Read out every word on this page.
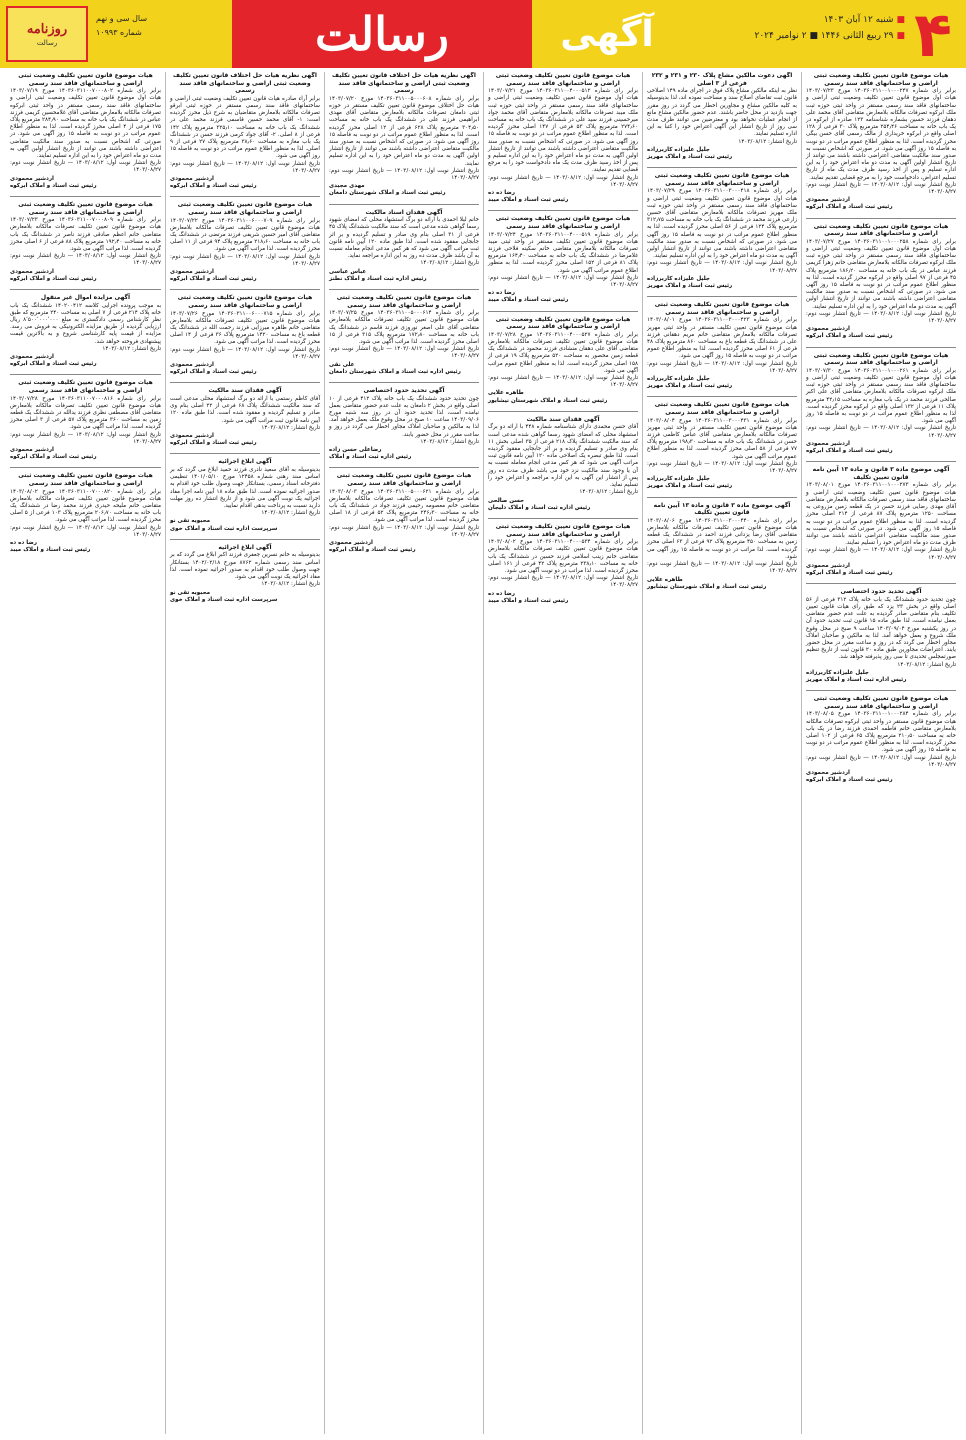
روزنامه
رسالت
سال سی و نهم
شماره ۱۰۹۹۳	رسالت	آگهی	■شنبه ۱۲ آبان ۱۴۰۳
■۲۹ ربیع الثانی ۱۴۴۶ ■ ۲ نوامبر ۲۰۲۴ ۴
هیات موضوع قانون تعیین تکلیف وضعیت ثبتی اراضی و ساختمانهای فاقد سند رسمی
برابر رای شماره ۱۴۰۳۶۰۳۱۱۰۰۱۰۰۰۲۴۷ مورخ ۱۴۰۳/۰۷/۲۳ هیات اول موضوع قانون تعیین تکلیف وضعیت ثبتی اراضی و ساختمانهای فاقد سند رسمی مستقر در واحد ثبتی حوزه ثبت ملک ابرکوه تصرفات مالکانه بلامعارض متقاضی آقای محمد علی دهقان فرزند حسین بشماره شناسنامه ۱۲۳ صادره از ابرکوه در یک باب خانه به مساحت ۲۵۴٫۴۶ مترمربع پلاک ۳۰ فرعی از ۱۲۸ اصلی واقع در ابرکوه خریداری از مالک رسمی آقای حسن بیگی محرز گردیده است. لذا به منظور اطلاع عموم مراتب در دو نوبت به فاصله ۱۵ روز آگهی می شود. در صورتی که اشخاص نسبت به صدور سند مالکیت متقاضی اعتراضی داشته باشند می توانند از تاریخ انتشار اولین آگهی به مدت دو ماه اعتراض خود را به این اداره تسلیم و پس از اخذ رسید ظرف مدت یک ماه از تاریخ تسلیم اعتراض، دادخواست خود را به مرجع قضایی تقدیم نمایند.
تاریخ انتشار نوبت اول: ۱۴۰۳/۰۸/۱۲ — تاریخ انتشار نوبت دوم: ۱۴۰۳/۰۸/۲۷
اردشیر محمودی
رئیس ثبت اسناد و املاک ابرکوه
هیات موضوع قانون تعیین تکلیف وضعیت ثبتی اراضی و ساختمانهای فاقد سند رسمی
برابر رای شماره ۱۴۰۳۶۰۳۱۱۰۰۱۰۰۰۲۵۸ مورخ ۱۴۰۳/۰۷/۲۷ هیات اول موضوع قانون تعیین تکلیف وضعیت ثبتی اراضی و ساختمانهای فاقد سند رسمی مستقر در واحد ثبتی حوزه ثبت ملک ابرکوه تصرفات مالکانه بلامعارض متقاضی خانم زهرا کریمی فرزند عباس در یک باب خانه به مساحت ۱۸۶٫۲۰ مترمربع پلاک ۴۵ فرعی از ۹۷ اصلی واقع در ابرکوه محرز گردیده است. لذا به منظور اطلاع عموم مراتب در دو نوبت به فاصله ۱۵ روز آگهی می شود. در صورتی که اشخاص نسبت به صدور سند مالکیت متقاضی اعتراضی داشته باشند می توانند از تاریخ انتشار اولین آگهی به مدت دو ماه اعتراض خود را به این اداره تسلیم نمایند.
تاریخ انتشار نوبت اول: ۱۴۰۳/۰۸/۱۲ — تاریخ انتشار نوبت دوم: ۱۴۰۳/۰۸/۲۷
اردشیر محمودی
رئیس ثبت اسناد و املاک ابرکوه
هیات موضوع قانون تعیین تکلیف وضعیت ثبتی اراضی و ساختمانهای فاقد سند رسمی
برابر رای شماره ۱۴۰۳۶۰۳۱۱۰۰۱۰۰۰۲۶۱ مورخ ۱۴۰۳/۰۷/۳۰ هیات اول موضوع قانون تعیین تکلیف وضعیت ثبتی اراضی و ساختمانهای فاقد سند رسمی مستقر در واحد ثبتی حوزه ثبت ملک ابرکوه تصرفات مالکانه بلامعارض متقاضی آقای علی اکبر صالحی فرزند محمد در یک باب مغازه به مساحت ۴۲٫۱۵ مترمربع پلاک ۱۱ فرعی از ۱۳۲ اصلی واقع در ابرکوه محرز گردیده است. لذا به منظور اطلاع عموم مراتب در دو نوبت به فاصله ۱۵ روز آگهی می شود.
تاریخ انتشار نوبت اول: ۱۴۰۳/۰۸/۱۲ — تاریخ انتشار نوبت دوم: ۱۴۰۳/۰۸/۲۷
اردشیر محمودی
رئیس ثبت اسناد و املاک ابرکوه
آگهی موضوع ماده ۳ قانون و ماده ۱۳ آیین نامه قانون تعیین تکلیف
برابر رای شماره ۱۴۰۳۶۰۳۱۱۰۰۱۰۰۰۲۷۳ مورخ ۱۴۰۳/۰۸/۰۱ هیات موضوع قانون تعیین تکلیف وضعیت ثبتی اراضی و ساختمانهای فاقد سند رسمی تصرفات مالکانه بلامعارض متقاضی آقای مهدی رضایی فرزند حسن در یک قطعه زمین مزروعی به مساحت ۱۲۵۰ مترمربع پلاک ۸۷ فرعی از ۲۱۴ اصلی محرز گردیده است. لذا به منظور اطلاع عموم مراتب در دو نوبت به فاصله ۱۵ روز آگهی می شود. در صورتی که اشخاص نسبت به صدور سند مالکیت متقاضی اعتراضی داشته باشند می توانند ظرف مدت دو ماه اعتراض خود را تسلیم نمایند.
تاریخ انتشار نوبت اول: ۱۴۰۳/۰۸/۱۲ — تاریخ انتشار نوبت دوم: ۱۴۰۳/۰۸/۲۷
اردشیر محمودی
رئیس ثبت اسناد و املاک ابرکوه
آگهی تحدید حدود اختصاصی
چون تحدید حدود ششدانگ یک باب خانه پلاک ۳۱۲ فرعی از ۵۶ اصلی واقع در بخش ۲۳ یزد که طبق رای هیات قانون تعیین تکلیف بنام متقاضی صادر گردیده به علت عدم حضور متقاضی بعمل نیامده است، لذا طبق ماده ۱۵ قانون ثبت تحدید حدود آن در روز یکشنبه مورخ ۱۴۰۳/۰۹/۰۴ ساعت ۹ صبح در محل وقوع ملک شروع و بعمل خواهد آمد. لذا به مالکین و صاحبان املاک مجاور اخطار می گردد که در روز و ساعت مقرر در محل حضور یابند. اعتراضات مجاورین طبق ماده ۲۰ قانون ثبت از تاریخ تنظیم صورتمجلس تحدیدی تا سی روز پذیرفته خواهد شد.
تاریخ انتشار: ۱۴۰۳/۰۸/۱۲
جلیل علیزاده کاربرزاده
رئیس اداره ثبت اسناد و املاک مهریز
هیات موضوع قانون تعیین تکلیف وضعیت ثبتی اراضی و ساختمانهای فاقد سند رسمی
برابر رای شماره ۱۴۰۳۶۰۳۱۱۰۰۱۰۰۰۲۸۴ مورخ ۱۴۰۳/۰۸/۰۵ هیات موضوع قانون مستقر در واحد ثبتی ابرکوه تصرفات مالکانه بلامعارض متقاضی خانم فاطمه احمدی فرزند رضا در یک باب خانه به مساحت ۲۱۰٫۵۰ مترمربع پلاک ۶۵ فرعی از ۱۰۲ اصلی محرز گردیده است. لذا به منظور اطلاع عموم مراتب در دو نوبت به فاصله ۱۵ روز آگهی می شود.
تاریخ انتشار نوبت اول: ۱۴۰۳/۰۸/۱۲ — تاریخ انتشار نوبت دوم: ۱۴۰۳/۰۸/۲۷
اردشیر محمودی
رئیس ثبت اسناد و املاک ابرکوه
آگهی دعوت مالکین مشاع پلاک ۲۳۰ و ۲۳۱ و ۲۳۲ فرعی از ۳ اصلی
نظر به اینکه مالکین مشاع پلاک فوق در اجرای ماده ۱۴۹ اصلاحی قانون ثبت تقاضای اصلاح سند و مساحت نموده اند، لذا بدینوسیله به کلیه مالکین مشاع و مجاورین اخطار می گردد در روز مقرر جهت بازدید در محل حاضر باشند. عدم حضور مالکین مشاع مانع از انجام عملیات نخواهد بود و معترضین می توانند ظرف مدت سی روز از تاریخ انتشار این آگهی اعتراض خود را کتبا به این اداره تسلیم نمایند.
تاریخ انتشار: ۱۴۰۳/۰۸/۱۲
جلیل علیزاده کاربرزاده
رئیس ثبت اسناد و املاک مهریز
هیات موضوع قانون تعیین تکلیف وضعیت ثبتی اراضی و ساختمانهای فاقد سند رسمی
برابر رای شماره ۱۴۰۳۶۰۳۱۱۰۰۳۰۰۰۴۱۸ مورخ ۱۴۰۳/۰۷/۲۹ هیات اول موضوع قانون تعیین تکلیف وضعیت ثبتی اراضی و ساختمانهای فاقد سند رسمی مستقر در واحد ثبتی حوزه ثبت ملک مهریز تصرفات مالکانه بلامعارض متقاضی آقای حسین زارعی فرزند محمد در ششدانگ یک باب خانه به مساحت ۳۱۲٫۷۵ مترمربع پلاک ۱۲۴ فرعی از ۵۶ اصلی محرز گردیده است. لذا به منظور اطلاع عموم مراتب در دو نوبت به فاصله ۱۵ روز آگهی می شود. در صورتی که اشخاص نسبت به صدور سند مالکیت متقاضی اعتراضی داشته باشند می توانند از تاریخ انتشار اولین آگهی به مدت دو ماه اعتراض خود را به این اداره تسلیم نمایند.
تاریخ انتشار نوبت اول: ۱۴۰۳/۰۸/۱۲ — تاریخ انتشار نوبت دوم: ۱۴۰۳/۰۸/۲۷
جلیل علیزاده کاربرزاده
رئیس ثبت اسناد و املاک مهریز
هیات موضوع قانون تعیین تکلیف وضعیت ثبتی اراضی و ساختمانهای فاقد سند رسمی
برابر رای شماره ۱۴۰۳۶۰۳۱۱۰۰۳۰۰۰۴۲۳ مورخ ۱۴۰۳/۰۸/۰۱ هیات موضوع قانون تعیین تکلیف مستقر در واحد ثبتی مهریز تصرفات مالکانه بلامعارض متقاضی خانم مریم دهقانی فرزند علی در ششدانگ یک قطعه باغ به مساحت ۸۶۰ مترمربع پلاک ۴۸ فرعی از ۶۱ اصلی محرز گردیده است. لذا به منظور اطلاع عموم مراتب در دو نوبت به فاصله ۱۵ روز آگهی می شود.
تاریخ انتشار نوبت اول: ۱۴۰۳/۰۸/۱۲ — تاریخ انتشار نوبت دوم: ۱۴۰۳/۰۸/۲۷
جلیل علیزاده کاربرزاده
رئیس ثبت اسناد و املاک مهریز
هیات موضوع قانون تعیین تکلیف وضعیت ثبتی اراضی و ساختمانهای فاقد سند رسمی
برابر رای شماره ۱۴۰۳۶۰۳۱۱۰۰۳۰۰۰۴۳۱ مورخ ۱۴۰۳/۰۸/۰۴ هیات موضوع قانون تعیین تکلیف مستقر در واحد ثبتی مهریز تصرفات مالکانه بلامعارض متقاضی آقای عباس کاظمی فرزند حسن در ششدانگ یک باب خانه به مساحت ۱۹۸٫۳۰ مترمربع پلاک ۷۷ فرعی از ۵۸ اصلی محرز گردیده است. لذا به منظور اطلاع عموم مراتب آگهی می شود.
تاریخ انتشار نوبت اول: ۱۴۰۳/۰۸/۱۲ — تاریخ انتشار نوبت دوم: ۱۴۰۳/۰۸/۲۷
جلیل علیزاده کاربرزاده
رئیس ثبت اسناد و املاک مهریز
آگهی موضوع ماده ۳ قانون و ماده ۱۳ آیین نامه قانون تعیین تکلیف
برابر رای شماره ۱۴۰۳۶۰۳۱۱۰۰۳۰۰۰۴۴۰ مورخ ۱۴۰۳/۰۸/۰۶ هیات موضوع قانون تعیین تکلیف تصرفات مالکانه بلامعارض متقاضی آقای رضا یزدانی فرزند احمد در ششدانگ یک قطعه زمین به مساحت ۴۵۰ مترمربع پلاک ۹۲ فرعی از ۶۳ اصلی محرز گردیده است. لذا مراتب در دو نوبت به فاصله ۱۵ روز آگهی می شود.
تاریخ انتشار نوبت اول: ۱۴۰۳/۰۸/۱۲ — تاریخ انتشار نوبت دوم: ۱۴۰۳/۰۸/۲۷
طاهره علایی
رئیس ثبت اسناد و املاک شهرستان نیشابور
هیات موضوع قانون تعیین تکلیف وضعیت ثبتی اراضی و ساختمانهای فاقد سند رسمی
برابر رای شماره ۱۴۰۳۶۰۳۱۱۰۰۴۰۰۰۵۱۲ مورخ ۱۴۰۳/۰۷/۲۱ هیات اول موضوع قانون تعیین تکلیف وضعیت ثبتی اراضی و ساختمانهای فاقد سند رسمی مستقر در واحد ثبتی حوزه ثبت ملک میبد تصرفات مالکانه بلامعارض متقاضی آقای محمد جواد میرحسینی فرزند سید علی در ششدانگ یک باب خانه به مساحت ۲۷۴٫۶۰ مترمربع پلاک ۵۳ فرعی از ۱۴۷ اصلی محرز گردیده است. لذا به منظور اطلاع عموم مراتب در دو نوبت به فاصله ۱۵ روز آگهی می شود. در صورتی که اشخاص نسبت به صدور سند مالکیت متقاضی اعتراضی داشته باشند می توانند از تاریخ انتشار اولین آگهی به مدت دو ماه اعتراض خود را به این اداره تسلیم و پس از اخذ رسید ظرف مدت یک ماه دادخواست خود را به مرجع قضایی تقدیم نمایند.
تاریخ انتشار نوبت اول: ۱۴۰۳/۰۸/۱۲ — تاریخ انتشار نوبت دوم: ۱۴۰۳/۰۸/۲۷
رضا ده ده
رئیس ثبت اسناد و املاک میبد
هیات موضوع قانون تعیین تکلیف وضعیت ثبتی اراضی و ساختمانهای فاقد سند رسمی
برابر رای شماره ۱۴۰۳۶۰۳۱۱۰۰۴۰۰۰۵۱۹ مورخ ۱۴۰۳/۰۷/۲۴ هیات موضوع قانون تعیین تکلیف مستقر در واحد ثبتی میبد تصرفات مالکانه بلامعارض متقاضی خانم سکینه فلاحی فرزند غلامرضا در ششدانگ یک باب خانه به مساحت ۱۶۴٫۴۰ مترمربع پلاک ۸۱ فرعی از ۱۵۲ اصلی محرز گردیده است. لذا به منظور اطلاع عموم مراتب آگهی می شود.
تاریخ انتشار نوبت اول: ۱۴۰۳/۰۸/۱۲ — تاریخ انتشار نوبت دوم: ۱۴۰۳/۰۸/۲۷
رضا ده ده
رئیس ثبت اسناد و املاک میبد
هیات موضوع قانون تعیین تکلیف وضعیت ثبتی اراضی و ساختمانهای فاقد سند رسمی
برابر رای شماره ۱۴۰۳۶۰۳۱۱۰۰۴۰۰۰۵۲۷ مورخ ۱۴۰۳/۰۷/۲۸ هیات موضوع قانون تعیین تکلیف تصرفات مالکانه بلامعارض متقاضی آقای علی دهقان منشادی فرزند محمود در ششدانگ یک قطعه زمین محصور به مساحت ۵۲۰ مترمربع پلاک ۱۹ فرعی از ۱۵۸ اصلی محرز گردیده است. لذا به منظور اطلاع عموم مراتب آگهی می شود.
تاریخ انتشار نوبت اول: ۱۴۰۳/۰۸/۱۲ — تاریخ انتشار نوبت دوم: ۱۴۰۳/۰۸/۲۷
طاهره علایی
رئیس ثبت اسناد و املاک شهرستان نیشابور
آگهی فقدان سند مالکیت
آقای حسن محمدی دارای شناسنامه شماره ۴۴۸ با ارائه دو برگ استشهاد محلی که امضای شهود رسما گواهی شده مدعی است که سند مالکیت ششدانگ پلاک ۲۱۸ فرعی از ۳۵ اصلی بخش ۱۱ بنام وی صادر و تسلیم گردیده و بر اثر جابجایی مفقود گردیده است. لذا طبق تبصره یک اصلاحی ماده ۱۲۰ آیین نامه قانون ثبت مراتب آگهی می شود که هر کس مدعی انجام معامله نسبت به آن یا وجود سند مالکیت نزد خود می باشد ظرف مدت ده روز پس از انتشار این آگهی به این اداره مراجعه و اعتراض خود را تسلیم نماید.
تاریخ انتشار: ۱۴۰۳/۰۸/۱۲
حسن صالحی
رئیس اداره ثبت اسناد و املاک دلیجان
هیات موضوع قانون تعیین تکلیف وضعیت ثبتی اراضی و ساختمانهای فاقد سند رسمی
برابر رای شماره ۱۴۰۳۶۰۳۱۱۰۰۴۰۰۰۵۳۴ مورخ ۱۴۰۳/۰۸/۰۲ هیات موضوع قانون تعیین تکلیف تصرفات مالکانه بلامعارض متقاضی خانم زینب اسلامی فرزند حسین در ششدانگ یک باب خانه به مساحت ۲۳۸٫۱۰ مترمربع پلاک ۴۲ فرعی از ۱۶۱ اصلی محرز گردیده است. لذا مراتب در دو نوبت آگهی می شود.
تاریخ انتشار نوبت اول: ۱۴۰۳/۰۸/۱۲ — تاریخ انتشار نوبت دوم: ۱۴۰۳/۰۸/۲۷
رضا ده ده
رئیس ثبت اسناد و املاک میبد
آگهی نظریه هیات حل اختلاف قانون تعیین تکلیف وضعیت ثبتی اراضی و ساختمانهای فاقد سند رسمی
برابر رای شماره ۱۴۰۳۶۰۳۱۱۰۰۵۰۰۰۶۰۸ مورخ ۱۴۰۳/۰۷/۲۰ هیات حل اختلاف موضوع قانون تعیین تکلیف مستقر در حوزه ثبتی دامغان تصرفات مالکانه بلامعارض متقاضی آقای مهدی ابراهیمی فرزند علی در ششدانگ یک باب خانه به مساحت ۳۰۴٫۵۰ مترمربع پلاک ۶۲۸ فرعی از ۱۲ اصلی محرز گردیده است. لذا به منظور اطلاع عموم مراتب در دو نوبت به فاصله ۱۵ روز آگهی می شود. در صورتی که اشخاص نسبت به صدور سند مالکیت متقاضی اعتراضی داشته باشند می توانند از تاریخ انتشار اولین آگهی به مدت دو ماه اعتراض خود را به این اداره تسلیم نمایند.
تاریخ انتشار نوبت اول: ۱۴۰۳/۰۸/۱۲ — تاریخ انتشار نوبت دوم: ۱۴۰۳/۰۸/۲۷
مهدی مجیدی
رئیس ثبت اسناد و املاک شهرستان دامغان
آگهی فقدان اسناد مالکیت
خانم لیلا احمدی با ارائه دو برگ استشهاد محلی که امضای شهود رسما گواهی شده مدعی است که سند مالکیت ششدانگ پلاک ۴۵ فرعی از ۳۱ اصلی بنام وی صادر و تسلیم گردیده و بر اثر جابجایی مفقود شده است. لذا طبق ماده ۱۲۰ آیین نامه قانون ثبت مراتب آگهی می شود که هر کس مدعی انجام معامله نسبت به آن باشد ظرف مدت ده روز به این اداره مراجعه نماید.
تاریخ انتشار: ۱۴۰۳/۰۸/۱۲
عباس عباسی
رئیس اداره ثبت اسناد و املاک نطنز
هیات موضوع قانون تعیین تکلیف وضعیت ثبتی اراضی و ساختمانهای فاقد سند رسمی
برابر رای شماره ۱۴۰۳۶۰۳۱۱۰۰۵۰۰۰۶۱۴ مورخ ۱۴۰۳/۰۷/۲۵ هیات موضوع قانون تعیین تکلیف تصرفات مالکانه بلامعارض متقاضی آقای علی اصغر نوروزی فرزند قاسم در ششدانگ یک باب خانه به مساحت ۱۷۲٫۸۰ مترمربع پلاک ۳۱۵ فرعی از ۱۵ اصلی محرز گردیده است. لذا مراتب آگهی می شود.
تاریخ انتشار نوبت اول: ۱۴۰۳/۰۸/۱۲ — تاریخ انتشار نوبت دوم: ۱۴۰۳/۰۸/۲۷
علی نقی
رئیس اداره ثبت اسناد و املاک شهرستان دامغان
آگهی تحدید حدود اختصاصی
چون تحدید حدود ششدانگ یک باب خانه پلاک ۴۱۲ فرعی از ۱۰ اصلی واقع در بخش ۲ دامغان به علت عدم حضور متقاضی بعمل نیامده است، لذا تحدید حدود آن در روز سه شنبه مورخ ۱۴۰۳/۰۹/۰۶ ساعت ۱۰ صبح در محل وقوع ملک بعمل خواهد آمد. لذا به مالکین و صاحبان املاک مجاور اخطار می گردد در روز و ساعت مقرر در محل حضور یابند.
تاریخ انتشار: ۱۴۰۳/۰۸/۱۲
رضاعلی حسن زاده
رئیس اداره ثبت اسناد و املاک
هیات موضوع قانون تعیین تکلیف وضعیت ثبتی اراضی و ساختمانهای فاقد سند رسمی
برابر رای شماره ۱۴۰۳۶۰۳۱۱۰۰۵۰۰۰۶۲۱ مورخ ۱۴۰۳/۰۸/۰۳ هیات موضوع قانون تعیین تکلیف تصرفات مالکانه بلامعارض متقاضی خانم معصومه رحیمی فرزند جواد در ششدانگ یک باب خانه به مساحت ۲۴۶٫۳۰ مترمربع پلاک ۵۲ فرعی از ۱۸ اصلی محرز گردیده است. لذا مراتب آگهی می شود.
تاریخ انتشار نوبت اول: ۱۴۰۳/۰۸/۱۲ — تاریخ انتشار نوبت دوم: ۱۴۰۳/۰۸/۲۷
اردشیر محمودی
رئیس ثبت اسناد و املاک ابرکوه
آگهی نظریه هیات حل اختلاف قانون تعیین تکلیف وضعیت ثبتی اراضی و ساختمانهای فاقد سند رسمی
برابر آراء صادره هیات قانون تعیین تکلیف وضعیت ثبتی اراضی و ساختمانهای فاقد سند رسمی مستقر در حوزه ثبتی ابرقو تصرفات مالکانه بلامعارض متقاضیان به شرح ذیل محرز گردیده است: ۱- آقای محمد حسین قاسمی فرزند محمد علی در ششدانگ یک باب خانه به مساحت ۳۲۵٫۱۰ مترمربع پلاک ۱۴۲ فرعی از ۸ اصلی. ۲- آقای جواد کرمی فرزند حسن در ششدانگ یک باب مغازه به مساحت ۳۸٫۶۰ مترمربع پلاک ۲۷ فرعی از ۹ اصلی. لذا به منظور اطلاع عموم مراتب در دو نوبت به فاصله ۱۵ روز آگهی می شود.
تاریخ انتشار نوبت اول: ۱۴۰۳/۰۸/۱۲ — تاریخ انتشار نوبت دوم: ۱۴۰۳/۰۸/۲۷
اردشیر محمودی
رئیس ثبت اسناد و املاک ابرکوه
هیات موضوع قانون تعیین تکلیف وضعیت ثبتی اراضی و ساختمانهای فاقد سند رسمی
برابر رای شماره ۱۴۰۳۶۰۳۱۱۰۰۶۰۰۰۷۰۹ مورخ ۱۴۰۳/۰۷/۲۲ هیات موضوع قانون تعیین تکلیف تصرفات مالکانه بلامعارض متقاضی آقای امیر حسین شریفی فرزند مرتضی در ششدانگ یک باب خانه به مساحت ۲۱۸٫۶۰ مترمربع پلاک ۹۴ فرعی از ۱۱ اصلی محرز گردیده است. لذا مراتب آگهی می شود.
تاریخ انتشار نوبت اول: ۱۴۰۳/۰۸/۱۲ — تاریخ انتشار نوبت دوم: ۱۴۰۳/۰۸/۲۷
اردشیر محمودی
رئیس ثبت اسناد و املاک ابرکوه
هیات موضوع قانون تعیین تکلیف وضعیت ثبتی اراضی و ساختمانهای فاقد سند رسمی
برابر رای شماره ۱۴۰۳۶۰۳۱۱۰۰۶۰۰۰۷۱۵ مورخ ۱۴۰۳/۰۷/۲۶ هیات موضوع قانون تعیین تکلیف تصرفات مالکانه بلامعارض متقاضی خانم طاهره میرزایی فرزند رحمت الله در ششدانگ یک قطعه باغ به مساحت ۱۴۲۰ مترمربع پلاک ۳۶ فرعی از ۱۴ اصلی محرز گردیده است. لذا مراتب آگهی می شود.
تاریخ انتشار نوبت اول: ۱۴۰۳/۰۸/۱۲ — تاریخ انتشار نوبت دوم: ۱۴۰۳/۰۸/۲۷
اردشیر محمودی
رئیس ثبت اسناد و املاک ابرکوه
آگهی فقدان سند مالکیت
آقای کاظم رستمی با ارائه دو برگ استشهاد محلی مدعی است که سند مالکیت ششدانگ پلاک ۶۸ فرعی از ۲۲ اصلی بنام وی صادر و تسلیم گردیده و مفقود شده است. لذا طبق ماده ۱۲۰ آیین نامه قانون ثبت مراتب آگهی می شود.
تاریخ انتشار: ۱۴۰۳/۰۸/۱۲
اردشیر محمودی
رئیس ثبت اسناد و املاک ابرکوه
آگهی ابلاغ اجرائیه
بدینوسیله به آقای سعید نادری فرزند حمید ابلاغ می گردد که بر اساس سند رهنی شماره ۱۲۴۵۸ مورخ ۱۴۰۱/۰۵/۱۰ تنظیمی دفترخانه اسناد رسمی، بستانکار جهت وصول طلب خود اقدام به صدور اجرائیه نموده است. لذا طبق ماده ۱۸ آیین نامه اجرا مفاد اجرائیه یک نوبت آگهی می شود و از تاریخ انتشار ده روز مهلت دارید نسبت به پرداخت بدهی اقدام نمایید.
تاریخ انتشار: ۱۴۰۳/۰۸/۱۲
محبوبه تقی نو
سرپرست اداره ثبت اسناد و املاک خوی
آگهی ابلاغ اجرائیه
بدینوسیله به خانم نسرین جعفری فرزند اکبر ابلاغ می گردد که بر اساس سند رسمی شماره ۸۷۶۲ مورخ ۱۴۰۲/۰۲/۱۸ بستانکار جهت وصول طلب خود اقدام به صدور اجرائیه نموده است. لذا مفاد اجرائیه یک نوبت آگهی می شود.
تاریخ انتشار: ۱۴۰۳/۰۸/۱۲
محبوبه تقی نو
سرپرست اداره ثبت اسناد و املاک خوی
هیات موضوع قانون تعیین تکلیف وضعیت ثبتی اراضی و ساختمانهای فاقد سند رسمی
برابر رای شماره ۱۴۰۳۶۰۳۱۱۰۰۷۰۰۰۸۰۲ مورخ ۱۴۰۳/۰۷/۱۹ هیات اول موضوع قانون تعیین تکلیف وضعیت ثبتی اراضی و ساختمانهای فاقد سند رسمی مستقر در واحد ثبتی ابرکوه تصرفات مالکانه بلامعارض متقاضی آقای غلامحسین کریمی فرزند عباس در ششدانگ یک باب خانه به مساحت ۲۸۴٫۹۰ مترمربع پلاک ۱۷۵ فرعی از ۴ اصلی محرز گردیده است. لذا به منظور اطلاع عموم مراتب در دو نوبت به فاصله ۱۵ روز آگهی می شود. در صورتی که اشخاص نسبت به صدور سند مالکیت متقاضی اعتراضی داشته باشند می توانند از تاریخ انتشار اولین آگهی به مدت دو ماه اعتراض خود را به این اداره تسلیم نمایند.
تاریخ انتشار نوبت اول: ۱۴۰۳/۰۸/۱۲ — تاریخ انتشار نوبت دوم: ۱۴۰۳/۰۸/۲۷
اردشیر محمودی
رئیس ثبت اسناد و املاک ابرکوه
هیات موضوع قانون تعیین تکلیف وضعیت ثبتی اراضی و ساختمانهای فاقد سند رسمی
برابر رای شماره ۱۴۰۳۶۰۳۱۱۰۰۷۰۰۰۸۰۹ مورخ ۱۴۰۳/۰۷/۲۳ هیات موضوع قانون تعیین تکلیف تصرفات مالکانه بلامعارض متقاضی خانم اعظم صادقی فرزند ناصر در ششدانگ یک باب خانه به مساحت ۱۹۲٫۴۰ مترمربع پلاک ۸۸ فرعی از ۶ اصلی محرز گردیده است. لذا مراتب آگهی می شود.
تاریخ انتشار نوبت اول: ۱۴۰۳/۰۸/۱۲ — تاریخ انتشار نوبت دوم: ۱۴۰۳/۰۸/۲۷
اردشیر محمودی
رئیس ثبت اسناد و املاک ابرکوه
آگهی مزایده اموال غیر منقول
به موجب پرونده اجرایی کلاسه ۱۴۰۲۰۰۴۱۲ ششدانگ یک باب خانه پلاک ۲۱۴ فرعی از ۷ اصلی به مساحت ۲۴۰ مترمربع که طبق نظر کارشناس رسمی دادگستری به مبلغ ۸٬۵۰۰٬۰۰۰٬۰۰۰ ریال ارزیابی گردیده از طریق مزایده الکترونیکی به فروش می رسد. مزایده از قیمت پایه کارشناسی شروع و به بالاترین قیمت پیشنهادی فروخته خواهد شد.
تاریخ انتشار: ۱۴۰۳/۰۸/۱۲
اردشیر محمودی
رئیس ثبت اسناد و املاک ابرکوه
هیات موضوع قانون تعیین تکلیف وضعیت ثبتی اراضی و ساختمانهای فاقد سند رسمی
برابر رای شماره ۱۴۰۳۶۰۳۱۱۰۰۷۰۰۰۸۱۶ مورخ ۱۴۰۳/۰۷/۲۸ هیات موضوع قانون تعیین تکلیف تصرفات مالکانه بلامعارض متقاضی آقای مصطفی نظری فرزند یدالله در ششدانگ یک قطعه زمین به مساحت ۳۶۰ مترمربع پلاک ۵۷ فرعی از ۳ اصلی محرز گردیده است. لذا مراتب آگهی می شود.
تاریخ انتشار نوبت اول: ۱۴۰۳/۰۸/۱۲ — تاریخ انتشار نوبت دوم: ۱۴۰۳/۰۸/۲۷
اردشیر محمودی
رئیس ثبت اسناد و املاک ابرکوه
هیات موضوع قانون تعیین تکلیف وضعیت ثبتی اراضی و ساختمانهای فاقد سند رسمی
برابر رای شماره ۱۴۰۳۶۰۳۱۱۰۰۷۰۰۰۸۲۰ مورخ ۱۴۰۳/۰۸/۰۲ هیات موضوع قانون تعیین تکلیف تصرفات مالکانه بلامعارض متقاضی خانم ملیحه حیدری فرزند محمد رضا در ششدانگ یک باب خانه به مساحت ۲۰۶٫۷۰ مترمربع پلاک ۱۰۳ فرعی از ۵ اصلی محرز گردیده است. لذا مراتب آگهی می شود.
تاریخ انتشار نوبت اول: ۱۴۰۳/۰۸/۱۲ — تاریخ انتشار نوبت دوم: ۱۴۰۳/۰۸/۲۷
رضا ده ده
رئیس ثبت اسناد و املاک میبد
